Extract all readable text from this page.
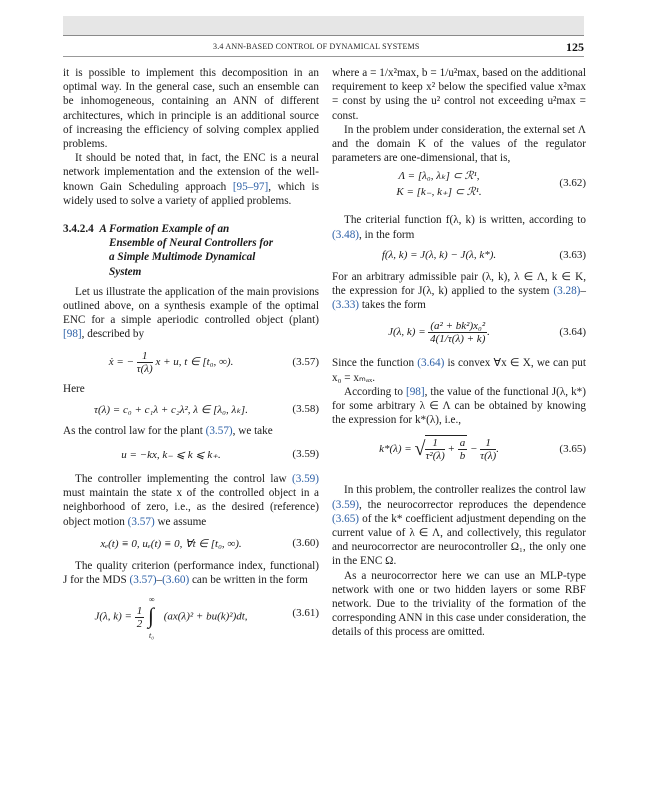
3.4 ANN-BASED CONTROL OF DYNAMICAL SYSTEMS	125

it is possible to implement this decomposition in an optimal way. In the general case, such an ensemble can be inhomogeneous, containing an ANN of different architectures, which in principle is an additional source of increasing the efficiency of solving complex applied problems.

It should be noted that, in fact, the ENC is a neural network implementation and the extension of the well-known Gain Scheduling approach [95–97], which is widely used to solve a variety of applied problems.

3.4.2.4 A Formation Example of an
Ensemble of Neural Controllers for
a Simple Multimode Dynamical
System

Let us illustrate the application of the main provisions outlined above, on a synthesis example of the optimal ENC for a simple aperiodic controlled object (plant) [98], described by

ẋ = − $\frac{1}{\tau(\lambda)}$ x + u, t ∈ [t₀, ∞).	(3.57)

Here

τ(λ) = c₀ + c₁λ + c₂λ², λ ∈ [λ₀, λₖ].	(3.58)

As the control law for the plant (3.57), we take

u = −kx, k₋ ⩽ k ⩽ k₊.	(3.59)

The controller implementing the control law (3.59) must maintain the state x of the controlled object in a neighborhood of zero, i.e., as the desired (reference) object motion (3.57) we assume

xₑ(t) ≡ 0, uₑ(t) ≡ 0, ∀t ∈ [t₀, ∞).	(3.60)

The quality criterion (performance index, functional) J for the MDS (3.57)–(3.60) can be written in the form

J(λ, $k) = \frac{1}{2}$

∞
∫
t₀
(ax(λ)² + bu(k)²)dt,	(3.61)

where a = 1/x²max, b = 1/u²max, based on the additional requirement to keep x² below the specified value x²max = const by using the u² control not exceeding u²max = const.

In the problem under consideration, the external set Λ and the domain K of the values of the regulator parameters are one-dimensional, that is,

Λ = [λ₀, λₖ] ⊂ ℛ¹,
K = [k₋, k₊] ⊂ ℛ¹.
(3.62)

The criterial function f(λ, k) is written, according to (3.48), in the form

f(λ, k) = J(λ, k) − J(λ, k*).	(3.63)

For an arbitrary admissible pair (λ, k), λ ∈ Λ, k ∈ K, the expression for J(λ, k) applied to the system (3.28)–(3.33) takes the form

J(λ, $k) = \frac{\text{(a² + bk²)x₀²}}{4(1/\tau(\lambda) + k)}$ .	(3.64)

Since the function (3.64) is convex ∀x ∈ X, we can put x₀ = xₘₐₓ.

According to [98], the value of the functional J(λ, k*) for some arbitrary λ ∈ Λ can be obtained by knowing the expression for k*(λ), i.e.,

k*(λ) = √ $\frac{1}{\text{τ²(λ)}} + \frac{a}{b} - \frac{1}{\tau(\lambda)}$ .	(3.65)

In this problem, the controller realizes the control law (3.59), the neurocorrector reproduces the dependence (3.65) of the k* coefficient adjustment depending on the current value of λ ∈ Λ, and collectively, this regulator and neurocorrector are neurocontroller Ω₁, the only one in the ENC Ω.

As a neurocorrector here we can use an MLP-type network with one or two hidden layers or some RBF network. Due to the triviality of the formation of the corresponding ANN in this case under consideration, the details of this process are omitted.
